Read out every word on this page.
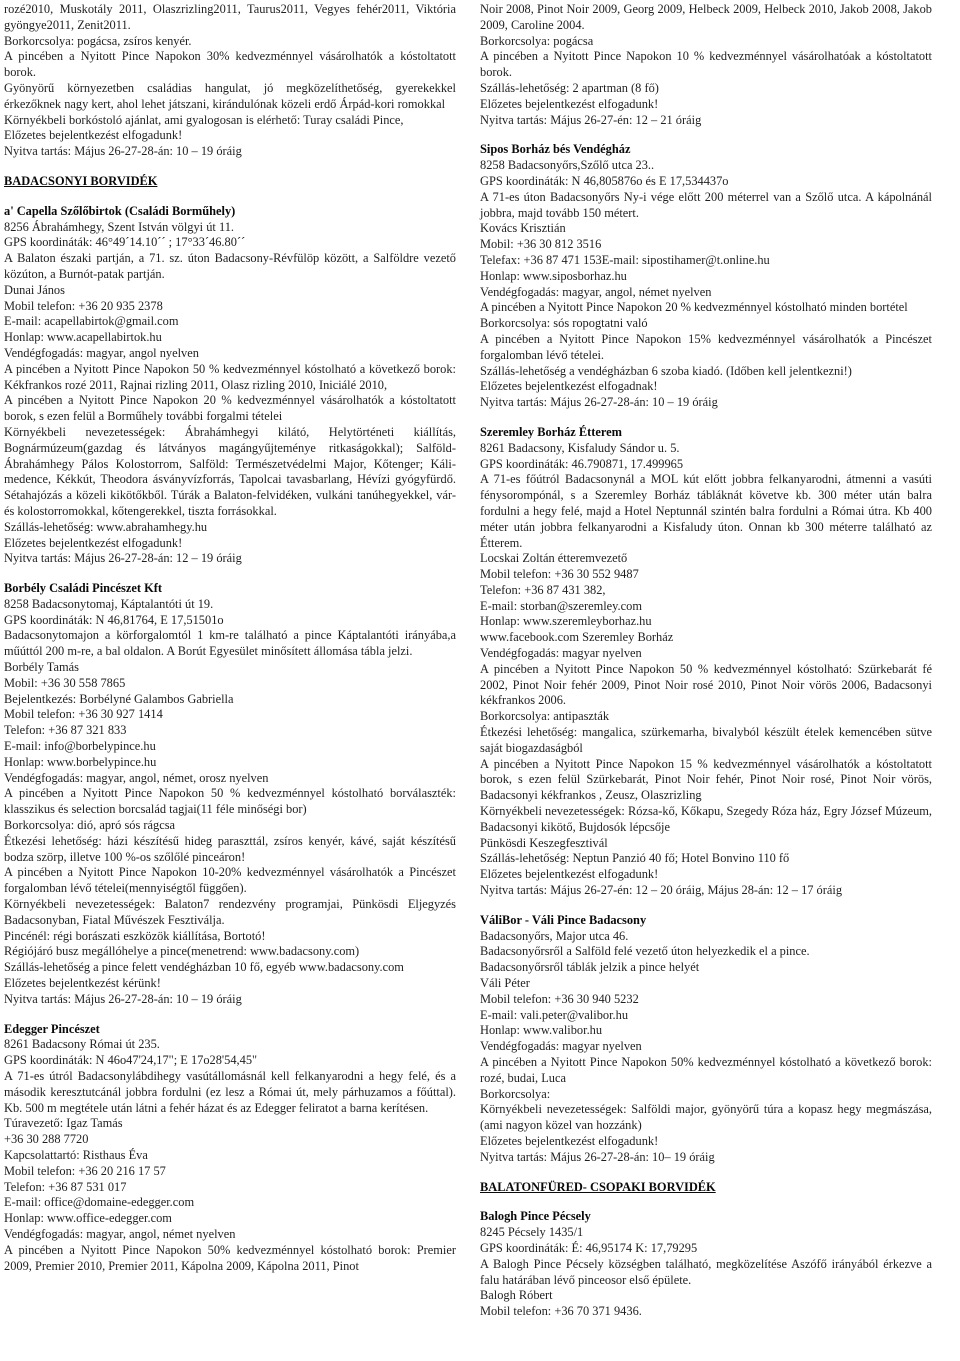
rozé2010, Muskotály 2011, Olaszrizling2011, Taurus2011, Vegyes fehér2011, Viktória gyöngye2011, Zenit2011.

Borkorcsolya: pogácsa, zsíros kenyér.

A pincében a Nyitott Pince Napokon 30% kedvezménnyel vásárolhatók a kóstoltatott borok.

Gyönyörű környezetben családias hangulat, jó megközelíthetőség, gyerekekkel érkezőknek nagy kert, ahol lehet játszani, kirándulónak közeli erdő Árpád-kori romokkal

Környékbeli borkóstoló ajánlat, ami gyalogosan is elérhető: Turay családi Pince,

Előzetes bejelentkezést elfogadunk!

Nyitva tartás: Május 26-27-28-án: 10 – 19 óráig

BADACSONYI BORVIDÉK

a' Capella Szőlőbirtok (Családi Borműhely)

8256 Ábrahámhegy, Szent István völgyi út 11.

GPS koordináták: 46°49´14.10´´ ; 17°33´46.80´´

A Balaton északi partján, a 71. sz. úton Badacsony-Révfülöp között, a Salföldre vezető közúton, a Burnót-patak partján.

Dunai János

Mobil telefon: +36 20 935 2378

E-mail: acapellabirtok@gmail.com

Honlap: www.acapellabirtok.hu

Vendégfogadás: magyar, angol nyelven

A pincében a Nyitott Pince Napokon 50 % kedvezménnyel kóstolható a következő borok: Kékfrankos rozé 2011, Rajnai rizling 2011, Olasz rizling 2010, Iniciálé 2010,

A pincében a Nyitott Pince Napokon 20 % kedvezménnyel vásárolhatók a kóstoltatott borok, s ezen felül a Borműhely további forgalmi tételei

Környékbeli nevezetességek: Ábrahámhegyi kilátó, Helytörténeti kiállítás, Bognármúzeum(gazdag és látványos magángyűjteménye ritkaságokkal); Salföld-Ábrahámhegy Pálos Kolostorrom, Salföld: Természetvédelmi Major, Kőtenger; Káli-medence, Kékkút, Theodora ásványvízforrás, Tapolcai tavasbarlang, Hévízi gyógyfürdő. Sétahajózás a közeli kikötőkből. Túrák a Balaton-felvidéken, vulkáni tanúhegyekkel, vár- és kolostorromokkal, kőtengerekkel, tiszta forrásokkal.

Szállás-lehetőség: www.abrahamhegy.hu

Előzetes bejelentkezést elfogadunk!

Nyitva tartás: Május 26-27-28-án: 12 – 19 óráig

Borbély Családi Pincészet Kft

8258 Badacsonytomaj, Káptalantóti út 19.

GPS koordináták: N 46,81764, E 17,51501o

Badacsonytomajon a körforgalomtól 1 km-re található a pince Káptalantóti irányába,a műúttól 200 m-re, a bal oldalon. A Borút Egyesület minősített állomása tábla jelzi.

Borbély Tamás

Mobil: +36 30 558 7865

Bejelentkezés: Borbélyné Galambos Gabriella

Mobil telefon: +36 30 927 1414

Telefon: +36 87 321 833

E-mail: info@borbelypince.hu

Honlap: www.borbelypince.hu

Vendégfogadás: magyar, angol, német, orosz nyelven

A pincében a Nyitott Pince Napokon 50 % kedvezménnyel kóstolható borválaszték: klasszikus és selection borcsalád tagjai(11 féle minőségi bor)

Borkorcsolya: dió, apró sós rágcsa

Étkezési lehetőség: házi készítésű hideg paraszttál, zsíros kenyér, kávé, saját készítésű bodza szörp, illetve 100 %-os szőlőlé pinceáron!

A pincében a Nyitott Pince Napokon 10-20% kedvezménnyel vásárolhatók a Pincészet forgalomban lévő tételei(mennyiségtől függően).

Környékbeli nevezetességek: Balaton7 rendezvény programjai, Pünkösdi Eljegyzés Badacsonyban, Fiatal Művészek Fesztiválja.

Pincénél: régi borászati eszközök kiállítása, Bortotó!

Régiójáró busz megállóhelye a pince(menetrend: www.badacsony.com)

Szállás-lehetőség a pince felett vendégházban 10 fő, egyéb www.badacsony.com

Előzetes bejelentkezést kérünk!

Nyitva tartás: Május 26-27-28-án: 10 – 19 óráig

Edegger Pincészet

8261 Badacsony Római út 235.

GPS koordináták: N 46o47'24,17"; E 17o28'54,45"

A 71-es útról Badacsonylábdihegy vasútállomásnál kell felkanyarodni a hegy felé, és a második keresztutcánál jobbra fordulni (ez lesz a Római út, mely párhuzamos a főúttal). Kb. 500 m megtétele után látni a fehér házat és az Edegger feliratot a barna kerítésen.

Túravezető: Igaz Tamás

+36 30 288 7720

Kapcsolattartó: Risthaus Éva

Mobil telefon: +36 20 216 17 57

Telefon: +36 87 531 017

E-mail: office@domaine-edegger.com

Honlap: www.office-edegger.com

Vendégfogadás: magyar, angol, német nyelven

A pincében a Nyitott Pince Napokon 50% kedvezménnyel kóstolható borok: Premier 2009, Premier 2010, Premier 2011, Kápolna 2009, Kápolna 2011, Pinot

Noir 2008, Pinot Noir 2009, Georg 2009, Helbeck 2009, Helbeck 2010, Jakob 2008, Jakob 2009, Caroline 2004.

Borkorcsolya: pogácsa

A pincében a Nyitott Pince Napokon 10 % kedvezménnyel vásárolhatóak a kóstoltatott borok.

Szállás-lehetőség: 2 apartman (8 fő)

Előzetes bejelentkezést elfogadunk!

Nyitva tartás: Május 26-27-én: 12 – 21 óráig

Sipos Borház bés Vendégház

8258 Badacsonyőrs,Szőlő utca 23..

GPS koordináták: N 46,805876o és E 17,534437o

A 71-es úton Badacsonyőrs Ny-i vége előtt 200 méterrel van a Szőlő utca. A kápolnánál jobbra, majd tovább 150 métert.

Kovács Krisztián

Mobil: +36 30 812 3516

Telefax: +36 87 471 153E-mail: sipostihamer@t.online.hu

Honlap: www.siposborhaz.hu

Vendégfogadás: magyar, angol, német nyelven

A pincében a Nyitott Pince Napokon 20 % kedvezménnyel kóstolható minden bortétel

Borkorcsolya: sós ropogtatni való

A pincében a Nyitott Pince Napokon 15% kedvezménnyel vásárolhatók a Pincészet forgalomban lévő tételei.

Szállás-lehetőség a vendégházban 6 szoba kiadó. (Időben kell jelentkezni!)

Előzetes bejelentkezést elfogadnak!

Nyitva tartás: Május 26-27-28-án: 10 – 19 óráig

Szeremley Borház Étterem

8261 Badacsony, Kisfaludy Sándor u. 5.

GPS koordináták: 46.790871, 17.499965

A 71-es főútról Badacsonynál a MOL kút előtt jobbra felkanyarodni, átmenni a vasúti fénysorompónál, s a Szeremley Borház tábláknát követve kb. 300 méter után balra fordulni a hegy felé, majd a Hotel Neptunnál szintén balra fordulni a Római útra. Kb 400 méter után jobbra felkanyarodni a Kisfaludy úton. Onnan kb 300 méterre található az Étterem.

Locskai Zoltán étteremvezető

Mobil telefon: +36 30 552 9487

Telefon: +36 87 431 382,

E-mail: storban@szeremley.com

Honlap: www.szeremleyborhaz.hu

www.facebook.com Szeremley Borház

Vendégfogadás: magyar nyelven

A pincében a Nyitott Pince Napokon 50 % kedvezménnyel kóstolható: Szürkebarát fé 2002, Pinot Noir fehér 2009, Pinot Noir rosé 2010, Pinot Noir vörös 2006, Badacsonyi kékfrankos 2006.

Borkorcsolya: antipaszták

Étkezési lehetőség: mangalica, szürkemarha, bivalyból készült ételek kemencében sütve saját biogazdaságból

A pincében a Nyitott Pince Napokon 15 % kedvezménnyel vásárolhatók a kóstoltatott borok, s ezen felül Szürkebarát, Pinot Noir fehér, Pinot Noir rosé, Pinot Noir vörös, Badacsonyi kékfrankos , Zeusz, Olaszrizling

Környékbeli nevezetességek: Rózsa-kő, Kőkapu, Szegedy Róza ház, Egry József Múzeum, Badacsonyi kikötő, Bujdosók lépcsője

Pünkösdi Keszegfesztivál

Szállás-lehetőség: Neptun Panzió 40 fő; Hotel Bonvino 110 fő

Előzetes bejelentkezést elfogadunk!

Nyitva tartás: Május 26-27-én: 12 – 20 óráig, Május 28-án: 12 – 17 óráig

VáliBor - Váli Pince Badacsony

Badacsonyőrs, Major utca 46.

Badacsonyőrsről a Salföld felé vezető úton helyezkedik el a pince.

Badacsonyőrsről táblák jelzik a pince helyét

Váli Péter

Mobil telefon: +36 30 940 5232

E-mail: vali.peter@valibor.hu

Honlap: www.valibor.hu

Vendégfogadás: magyar nyelven

A pincében a Nyitott Pince Napokon 50% kedvezménnyel kóstolható a következő borok: rozé, budai, Luca

Borkorcsolya:

Környékbeli nevezetességek: Salföldi major, gyönyörű túra a kopasz hegy megmászása,(ami nagyon közel van hozzánk)

Előzetes bejelentkezést elfogadunk!

Nyitva tartás: Május 26-27-28-án: 10– 19 óráig

BALATONFÜRED- CSOPAKI BORVIDÉK

Balogh Pince Pécsely

8245 Pécsely 1435/1

GPS koordináták: É: 46,95174 K: 17,79295

A Balogh Pince Pécsely községben található, megközelítése Aszófő irányából érkezve a falu határában lévő pinceosor első épülete.

Balogh Róbert

Mobil telefon: +36 70 371 9436.
